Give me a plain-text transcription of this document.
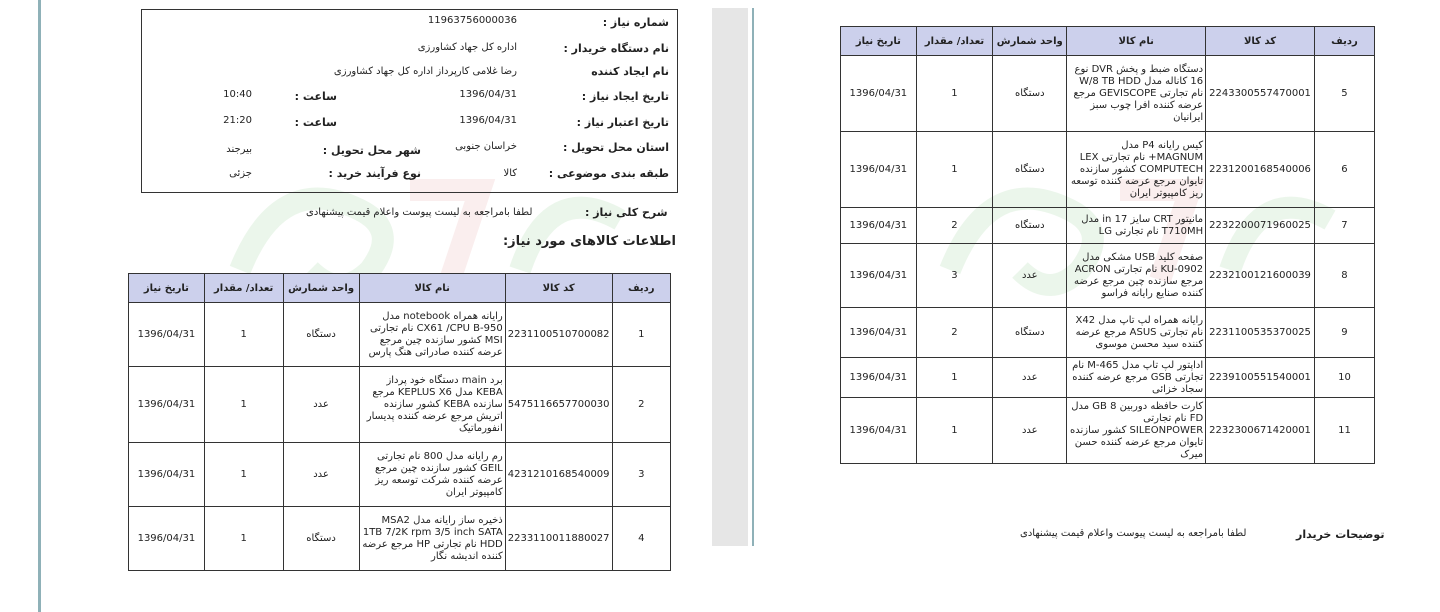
شماره نیاز :
11963756000036
نام دستگاه خریدار :
اداره کل جهاد کشاورزی
نام ایجاد کننده
رضا غلامی کارپرداز اداره کل جهاد کشاورزی
تاریخ ایجاد نیاز :
1396/04/31
ساعت :
10:40
تاریخ اعتبار نیاز :
1396/04/31
ساعت :
21:20
استان محل تحویل :
خراسان جنوبی
شهر محل تحویل :
بیرجند
طبقه بندی موضوعی :
کالا
نوع فرآیند خرید :
جزئی
شرح کلی نیاز :
لطفا بامراجعه به لیست پیوست واعلام قیمت پیشنهادی
اطلاعات کالاهای مورد نیاز:
ردیف	کد کالا	نام کالا	واحد شمارش	تعداد/ مقدار	تاریخ نیاز
1	2231100510700082	رایانه همراه notebook مدل CX61 /CPU B-950 نام تجارتی MSI کشور سازنده چین مرجع عرضه کننده صادراتی هنگ پارس	دستگاه	1	1396/04/31
2	5475116657700030	برد main دستگاه خود پرداز KEBA مدل KEPLUS X6 مرجع سازنده KEBA کشور سازنده اتریش مرجع عرضه کننده پدیسار انفورماتیک	عدد	1	1396/04/31
3	4231210168540009	رم رایانه مدل 800 نام تجارتی GEIL کشور سازنده چین مرجع عرضه کننده شرکت توسعه ریز کامپیوتر ایران	عدد	1	1396/04/31
4	2233110011880027	ذخیره ساز رایانه مدل MSA2 1TB 7/2K rpm 3/5 inch SATA HDD نام تجارتی HP مرجع عرضه کننده اندیشه نگار	دستگاه	1	1396/04/31
ردیف	کد کالا	نام کالا	واحد شمارش	تعداد/ مقدار	تاریخ نیاز
5	2243300557470001	دستگاه ضبط و پخش DVR نوع 16 کاناله مدل W/8 TB HDD نام تجارتی GEVISCOPE مرجع عرضه کننده افرا چوب سبز ایرانیان	دستگاه	1	1396/04/31
6	2231200168540006	کیس رایانه P4 مدل MAGNUM+ نام تجارتی LEX COMPUTECH کشور سازنده تایوان مرجع عرضه کننده توسعه ریز کامپیوتر ایران	دستگاه	1	1396/04/31
7	2232200071960025	مانیتور CRT سایز 17 in مدل T710MH نام تجارتی LG	دستگاه	2	1396/04/31
8	2232100121600039	صفحه کلید USB مشکی مدل KU-0902 نام تجارتی ACRON مرجع سازنده چین مرجع عرضه کننده صنایع رایانه فراسو	عدد	3	1396/04/31
9	2231100535370025	رایانه همراه لپ تاپ مدل X42 نام تجارتی ASUS مرجع عرضه کننده سید محسن موسوی	دستگاه	2	1396/04/31
10	2239100551540001	اداپتور لپ تاپ مدل M-465 نام تجارتی GSB مرجع عرضه کننده سجاد خزائی	عدد	1	1396/04/31
11	2232300671420001	کارت حافظه دوربین 8 GB مدل FD نام تجارتی SILEONPOWER کشور سازنده تایوان مرجع عرضه کننده حسن میرک	عدد	1	1396/04/31
توضیحات خریدار
لطفا بامراجعه به لیست پیوست واعلام قیمت پیشنهادی
